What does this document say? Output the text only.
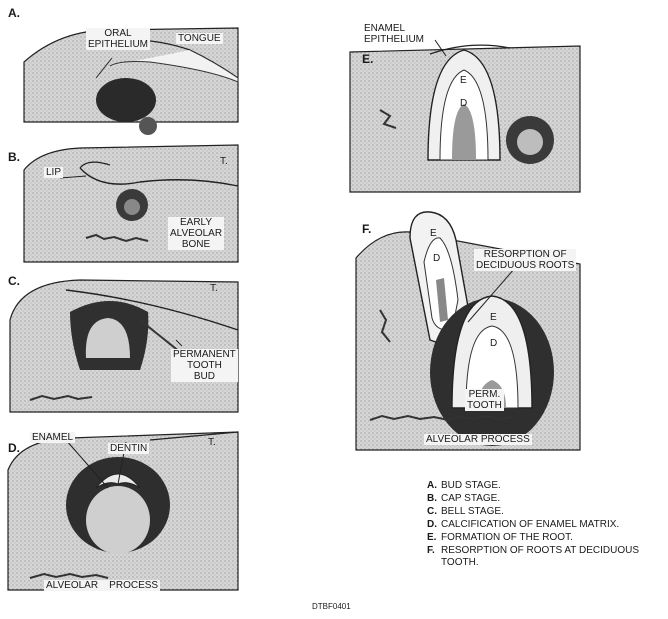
A.
B.
C.
D.
E.
F.
ORAL
EPITHELIUM
TONGUE
LIP
T.
EARLY
ALVEOLAR
BONE
T.
PERMANENT
TOOTH
BUD
ENAMEL
DENTIN
T.
ALVEOLAR    PROCESS
ENAMEL
EPITHELIUM
E
D
E
D	RESORPTION OF
DECIDUOUS ROOTS
E
D
PERM.
TOOTH
ALVEOLAR PROCESS
A. BUD STAGE.
B. CAP STAGE.
C. BELL STAGE.
D. CALCIFICATION OF ENAMEL MATRIX.
E. FORMATION OF THE ROOT.
F. RESORPTION OF ROOTS AT DECIDUOUS TOOTH.
DTBF0401
